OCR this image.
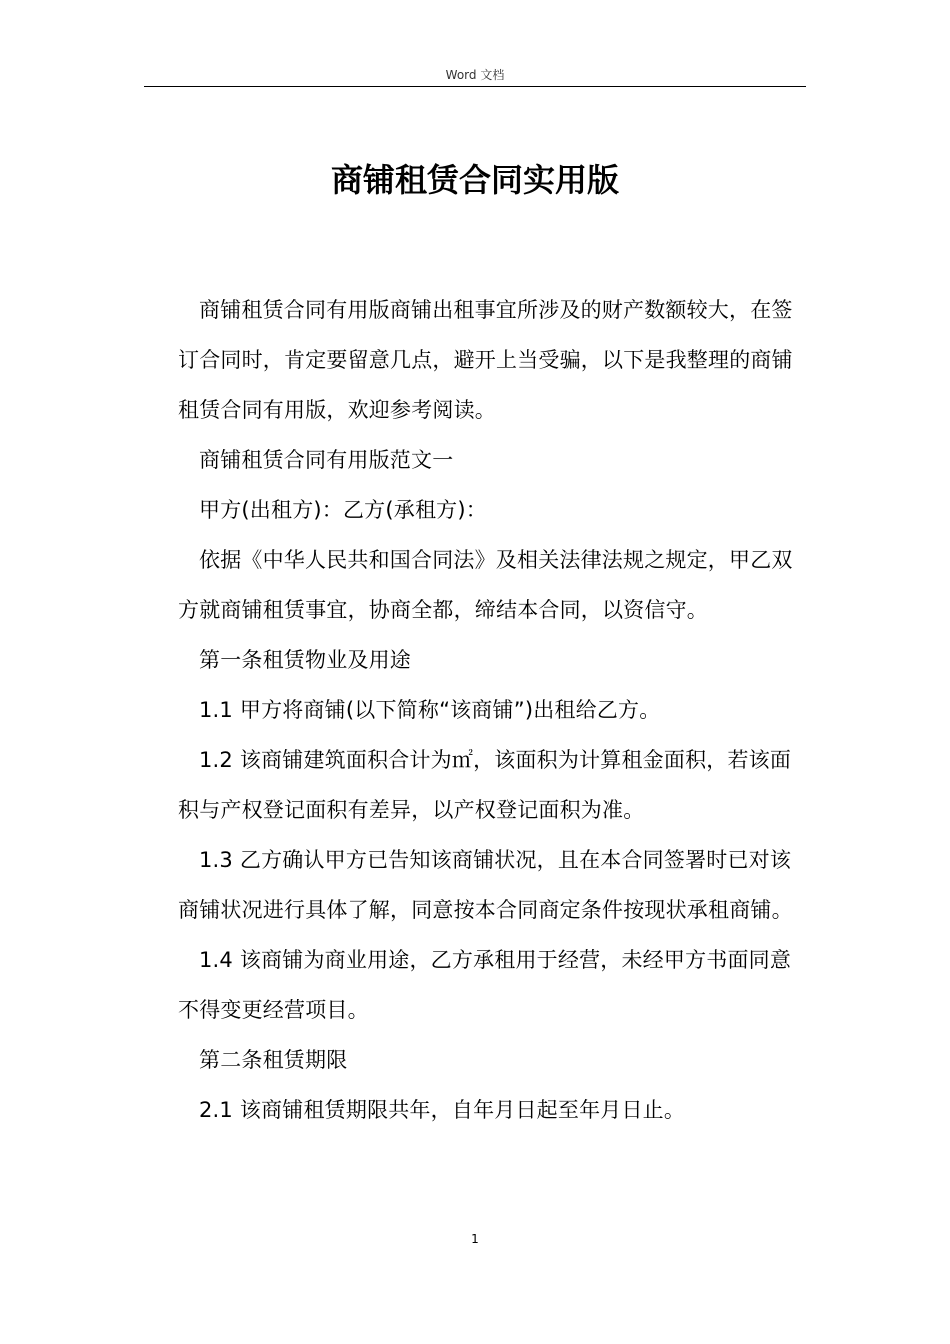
Word 文档
商铺租赁合同实用版

商铺租赁合同有用版商铺出租事宜所涉及的财产数额较大，在签订合同时，肯定要留意几点，避开上当受骗，以下是我整理的商铺租赁合同有用版，欢迎参考阅读。

商铺租赁合同有用版范文一

甲方(出租方)：乙方(承租方)：

依据《中华人民共和国合同法》及相关法律法规之规定，甲乙双方就商铺租赁事宜，协商全都，缔结本合同，以资信守。

第一条租赁物业及用途

1.1 甲方将商铺(以下简称“该商铺”)出租给乙方。

1.2 该商铺建筑面积合计为㎡，该面积为计算租金面积，若该面积与产权登记面积有差异，以产权登记面积为准。

1.3 乙方确认甲方已告知该商铺状况，且在本合同签署时已对该商铺状况进行具体了解，同意按本合同商定条件按现状承租商铺。

1.4 该商铺为商业用途，乙方承租用于经营，未经甲方书面同意不得变更经营项目。

第二条租赁期限

2.1 该商铺租赁期限共年，自年月日起至年月日止。

1
